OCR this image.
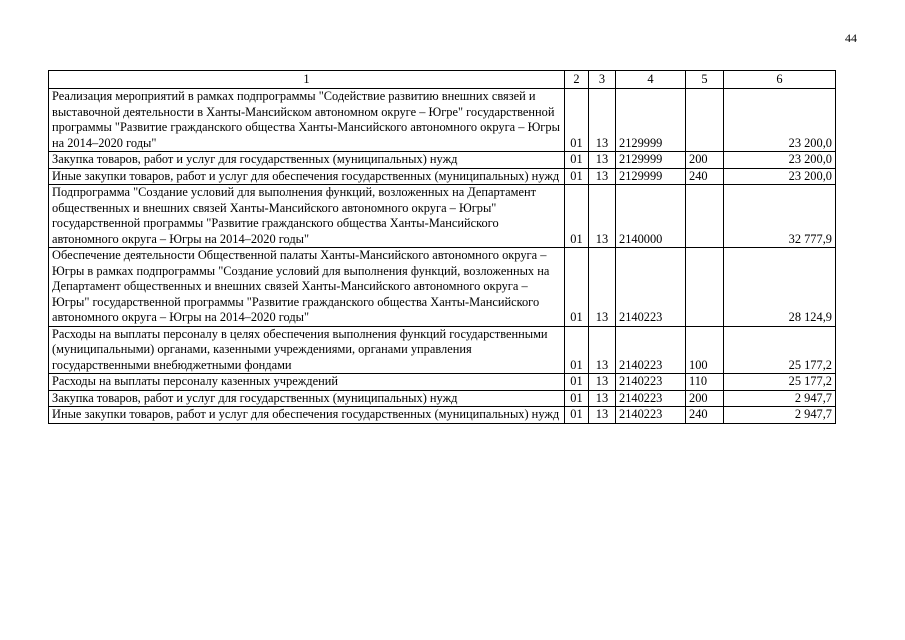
44
1	2	3	4	5	6
Реализация мероприятий в рамках подпрограммы "Содействие развитию внешних связей и выставочной деятельности в Ханты-Мансийском автономном округе – Югре" государственной программы "Развитие гражданского общества Ханты-Мансийского автономного округа – Югры на 2014–2020 годы"	01	13	2129999		23 200,0
Закупка товаров, работ и услуг для государственных (муниципальных) нужд	01	13	2129999	200	23 200,0
Иные закупки товаров, работ и услуг для обеспечения государственных (муниципальных) нужд	01	13	2129999	240	23 200,0
Подпрограмма "Создание условий для выполнения функций, возложенных на Департамент общественных и внешних связей Ханты-Мансийского автономного округа – Югры" государственной программы "Развитие гражданского общества Ханты-Мансийского автономного округа – Югры на 2014–2020 годы"	01	13	2140000		32 777,9
Обеспечение деятельности Общественной палаты Ханты-Мансийского автономного округа – Югры в рамках подпрограммы "Создание условий для выполнения функций, возложенных на Департамент общественных и внешних связей Ханты-Мансийского автономного округа – Югры" государственной программы "Развитие гражданского общества Ханты-Мансийского автономного округа – Югры на 2014–2020 годы"	01	13	2140223		28 124,9
Расходы на выплаты персоналу в целях обеспечения выполнения функций государственными (муниципальными) органами, казенными учреждениями, органами управления государственными внебюджетными фондами	01	13	2140223	100	25 177,2
Расходы на выплаты персоналу казенных учреждений	01	13	2140223	110	25 177,2
Закупка товаров, работ и услуг для государственных (муниципальных) нужд	01	13	2140223	200	2 947,7
Иные закупки товаров, работ и услуг для обеспечения государственных (муниципальных) нужд	01	13	2140223	240	2 947,7
